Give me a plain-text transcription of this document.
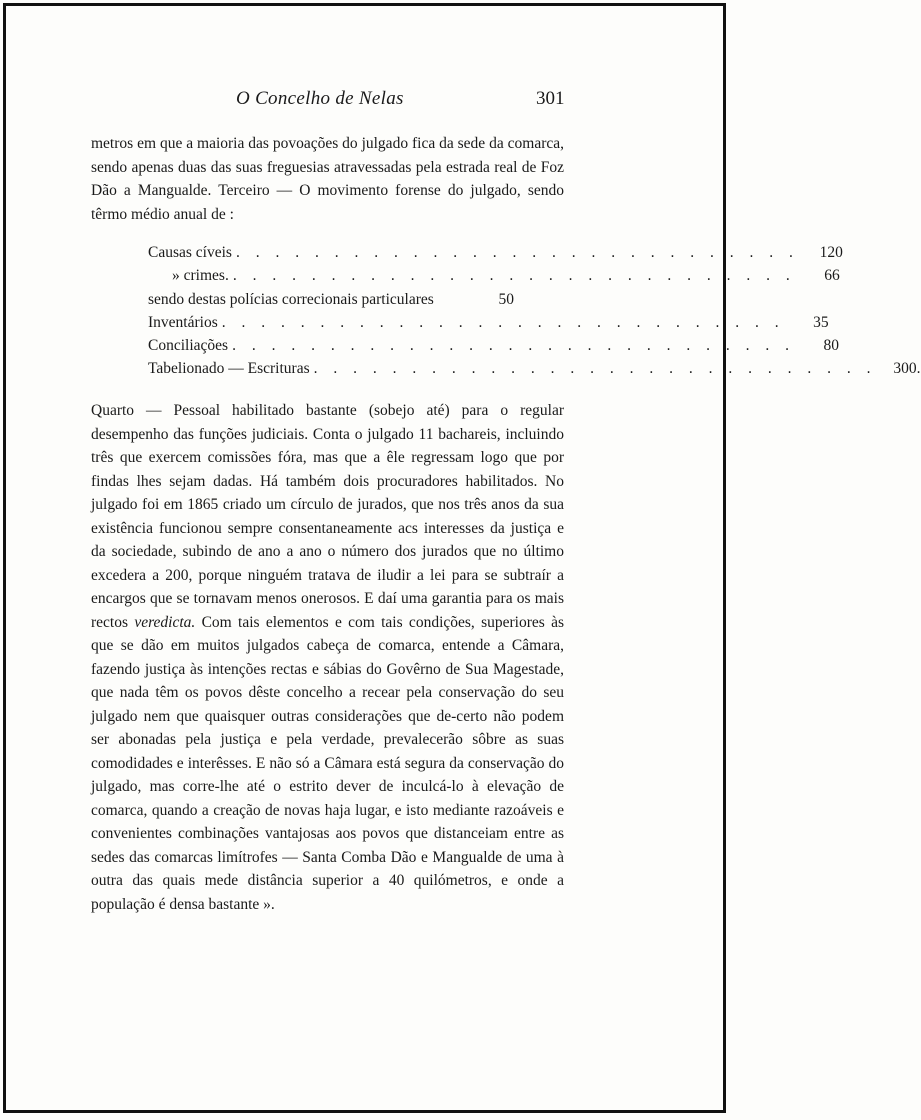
O Concelho de Nelas	301

metros em que a maioria das povoações do julgado fica da sede da comarca, sendo apenas duas das suas freguesias atravessadas pela estrada real de Foz Dão a Mangualde. Terceiro — O movimento forense do julgado, sendo têrmo médio anual de :

Causas cíveis . . . . . . . . . . . . . . . . . . . . . . . . . . . . .	120
» crimes. . . . . . . . . . . . . . . . . . . . . . . . . . . . . .	66
sendo destas polícias correcionais particulares	50
Inventários . . . . . . . . . . . . . . . . . . . . . . . . . . . . .	35
Conciliações . . . . . . . . . . . . . . . . . . . . . . . . . . . . .	80
Tabelionado — Escrituras . . . . . . . . . . . . . . . . . . . . . . . . . . . . .	300.

Quarto — Pessoal habilitado bastante (sobejo até) para o regular desempenho das funções judiciais. Conta o julgado 11 bachareis, incluindo três que exercem comissões fóra, mas que a êle regressam logo que por findas lhes sejam dadas. Há também dois procuradores habilitados. No julgado foi em 1865 criado um círculo de jurados, que nos três anos da sua existência funcionou sempre consentaneamente acs interesses da justiça e da sociedade, subindo de ano a ano o número dos jurados que no último excedera a 200, porque ninguém tratava de iludir a lei para se subtraír a encargos que se tornavam menos onerosos. E daí uma garantia para os mais rectos veredicta. Com tais elementos e com tais condições, superiores às que se dão em muitos julgados cabeça de comarca, entende a Câmara, fazendo justiça às intenções rectas e sábias do Govêrno de Sua Magestade, que nada têm os povos dêste concelho a recear pela conservação do seu julgado nem que quaisquer outras considerações que de-certo não podem ser abonadas pela justiça e pela verdade, prevalecerão sôbre as suas comodidades e interêsses. E não só a Câmara está segura da conservação do julgado, mas corre-lhe até o estrito dever de inculcá-lo à elevação de comarca, quando a creação de novas haja lugar, e isto mediante razoáveis e convenientes combinações vantajosas aos povos que distanceiam entre as sedes das comarcas limítrofes — Santa Comba Dão e Mangualde de uma à outra das quais mede distância superior a 40 quilómetros, e onde a população é densa bastante ».
